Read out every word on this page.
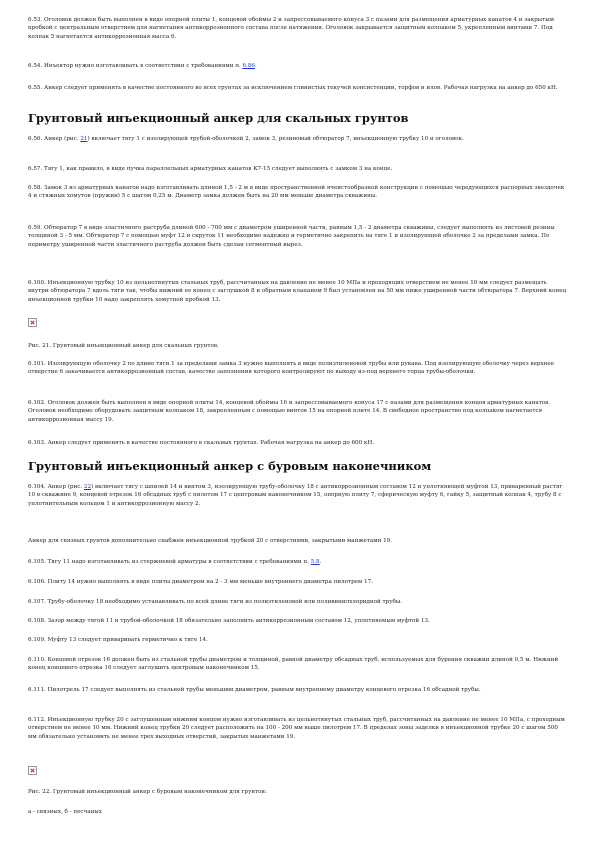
6.53. Оголовок должен быть выполнен в виде опорной плиты 1, концевой обоймы 2 и запрессовываемого конуса 3 с пазами для размещения арматурных канатов 4 и закрытым пробкой с центральным отверстием для нагнетания антикоррозионного состава после натяжения. Оголовок закрывается защитным колпаком 5, укрепленным винтами 7. Под колпак 5 нагнетается антикоррозионная масса 6.

6.54. Инъектор нужно изготавливать в соответствии с требованиями п. 6.86.

6.55. Анкер следует применять в качестве постоянного во всех грунтах за исключением глинистых текучей консистенции, торфов и илов. Рабочая нагрузка на анкер до 650 кН.

Грунтовый инъекционный анкер для скальных грунтов

6.56. Анкер (рис. 21) включает тягу 1 с изолирующей трубой-оболочкой 2, замок 3, резиновый обтюратор 7, инъекционную трубку 10 и оголовок.

6.57. Тягу 1, как правило, в виде пучка параллельных арматурных канатов К7-15 следует выполнять с замком 3 на конце.

6.58. Замок 3 из арматурных канатов надо изготавливать длиной 1,5 - 2 м в виде пространственной ячеистообразной конструкции с помощью чередующихся распорных звездочек 4 и стяжных хомутов (пружин) 5 с шагом 0,25 м. Диаметр замка должен быть на 20 мм меньше диаметра скважины.

6.59. Обтюратор 7 в виде эластичного раструба длиной 600 - 700 мм с диаметром уширенной части, равным 1,5 - 2 диаметра скважины, следует выполнять из листовой резины толщиной 3 - 5 мм. Обтюратор 7 с помощью муфт 12 и скруток 11 необходимо надежно и герметично закрепить на тяге 1 и изолирующей оболочке 2 за пределами замка. По периметру уширенной части эластичного раструба должен быть сделан сегментный вырез.

6.100. Инъекционную трубку 10 из цельнотянутых стальных труб, рассчитанных на давление не менее 10 МПа и проходящих отверстием не менее 10 мм следует размещать внутри обтюратора 7 вдоль тяги так, чтобы нижний ее конец с заглушкой 8 и обратным клапаном 9 был установлен на 50 мм ниже уширенной части обтюратора 7. Верхний конец инъекционной трубки 10 надо закреплять хомутной пробкой 13.

Рис. 21. Грунтовый инъекционный анкер для скальных грунтов.

6.101. Изолирующую оболочку 2 по длине тяги 1 за пределами замка 3 нужно выполнять в виде полиэтиленовой трубы или рукава. Под изолирующую оболочку через верхнее отверстие 6 закачивается антикоррозионный состав, качество заполнения которого контролируют по выходу из-под верхнего торца трубы-оболочки.

6.102. Оголовок должен быть выполнен в виде опорной плиты 14, концевой обоймы 16 и запрессовываемого конуса 17 с пазами для размещения концов арматурных канатов. Оголовок необходимо оборудовать защитным колпаком 18, закрепленным с помощью винтов 15 на опорной плите 14. В свободное пространство под колпаком нагнетается антикоррозионная массу 19.

6.103. Анкер следует применять в качестве постоянного в скальных грунтах. Рабочая нагрузка на анкер до 600 кН.

Грунтовый инъекционный анкер с буровым наконечником

6.104. Анкер (рис. 22) включает тягу с шпилей 14 и винтом 3, изолирующую трубу-оболочку 18 с антикоррозионным составом 12 и уплотняющей муфтой 13, приваренный растяг 10 в скважине 9, концевой отрезок 16 обсадных труб с пилотом 17 с центровым наконечником 15, опорную плиту 7, сферическую муфту 6, гайку 5, защитный колпак 4, трубу 8 с уплотнительным кольцом 1 и антикоррозионную массу 2.

Анкер для связных грунтов дополнительно снабжен инъекционной трубкой 20 с отверстиями, закрытыми манжетами 19.

6.105. Тягу 11 надо изготавливать из стержневой арматуры в соответствии с требованиями п. 5.8.

6.106. Плиту 14 нужно выполнять в виде плиты диаметром на 2 - 3 мм меньше внутреннего диаметра пилотрем 17.

6.107. Трубу-оболочку 18 необходимо устанавливать по всей длине тяги из полиэтиленовой или поливинилхлоридной трубы.

6.108. Зазор между тягой 11 и трубой-оболочкой 18 обязательно заполнить антикоррозионным составом 12, уплотняемым муфтой 13.

6.109. Муфту 13 следует приваривать герметично к тяге 14.

6.110. Концевой отрезок 16 должен быть из стальной трубы диаметром и толщиной, равной диаметру обсадных труб, используемых для бурения скважин длиной 0,5 м. Нижний конец концевого отрезка 16 следует заглушить центровым наконечником 15.

6.111. Пилотрель 17 следует выполнять из стальной трубы меньшим диаметром, равным внутреннему диаметру концевого отрезка 16 обсадной трубы.

6.112. Инъекционную трубку 20 с заглушенным нижним концом нужно изготавливать из цельнотянутых стальных труб, рассчитанных на давление не менее 10 МПа, с проходным отверстием не менее 10 мм. Нижний конец трубки 20 следует расположить на 100 - 200 мм выше пилотрем 17. В пределах зоны заделки в инъекционной трубке 20 с шагом 500 мм обязательно установить не менее трех выходных отверстий, закрытых манжетами 19.

Рис. 22. Грунтовый инъекционный анкер с буровым наконечником для грунтов:

а - связных, б - песчаных
